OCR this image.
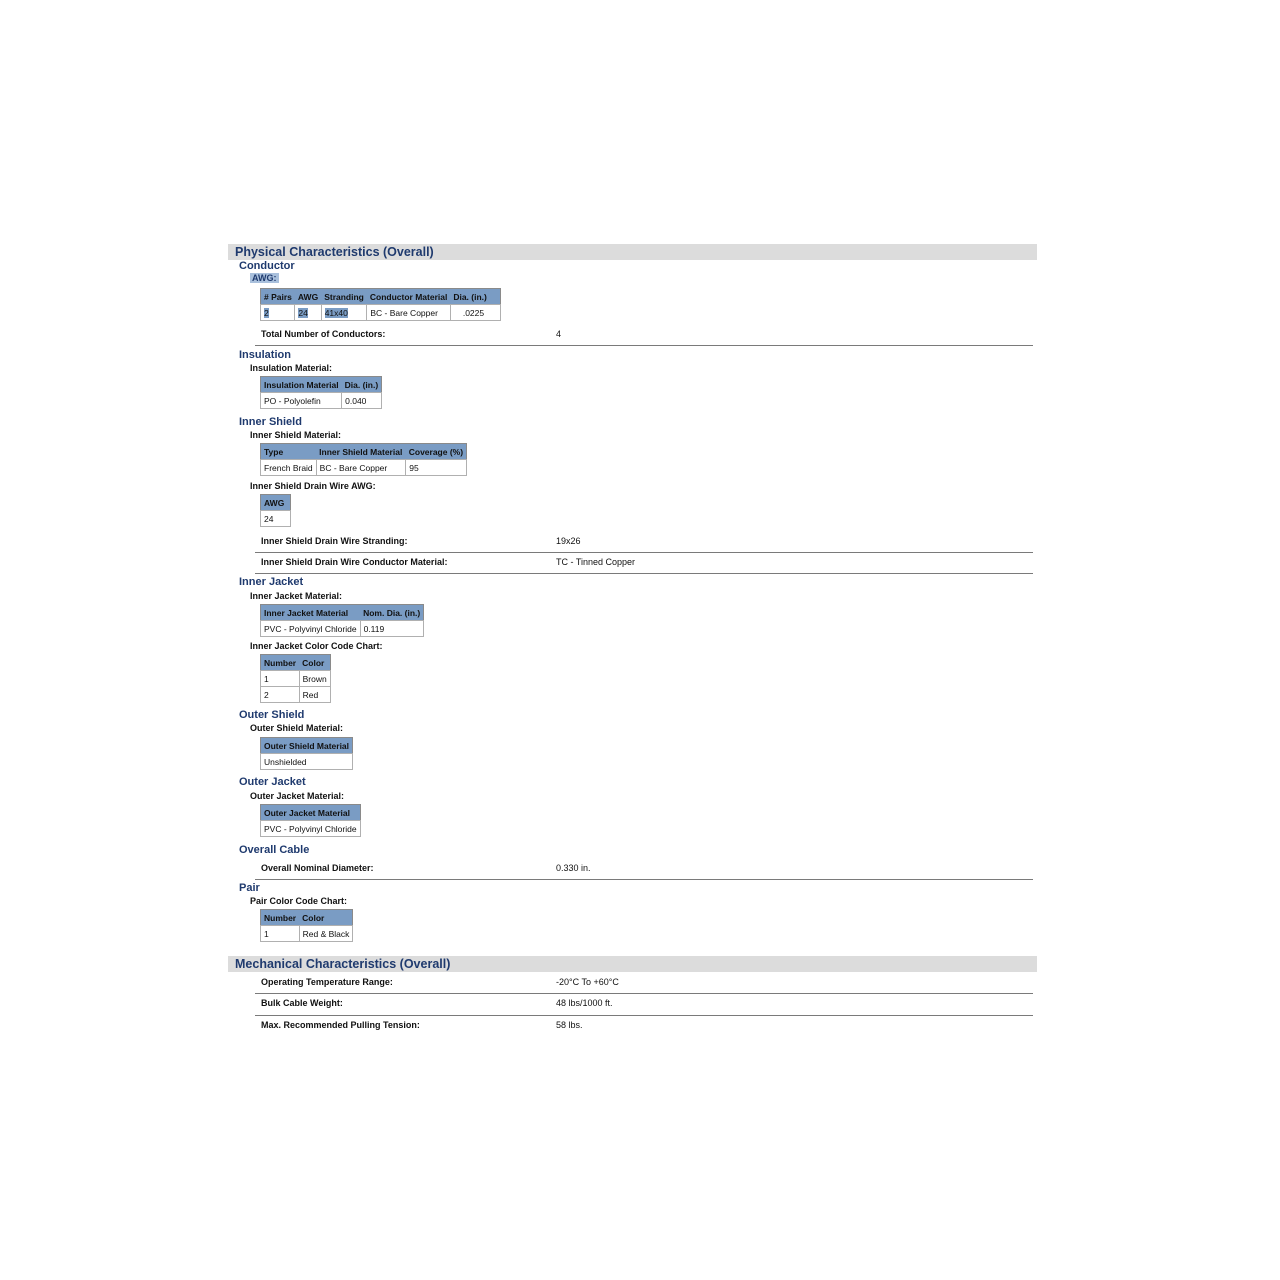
Physical Characteristics (Overall)
Conductor
AWG:
# Pairs	AWG	Stranding	Conductor Material	Dia. (in.)
2	24	41x40	BC - Bare Copper	.0225
Total Number of Conductors:	4
Insulation
Insulation Material:
Insulation Material	Dia. (in.)
PO - Polyolefin	0.040
Inner Shield
Inner Shield Material:
Type	Inner Shield Material	Coverage (%)
French Braid	BC - Bare Copper	95
Inner Shield Drain Wire AWG:
AWG
24
Inner Shield Drain Wire Stranding:	19x26
Inner Shield Drain Wire Conductor Material:	TC - Tinned Copper
Inner Jacket
Inner Jacket Material:
Inner Jacket Material	Nom. Dia. (in.)
PVC - Polyvinyl Chloride	0.119
Inner Jacket Color Code Chart:
Number	Color
1	Brown
2	Red
Outer Shield
Outer Shield Material:
Outer Shield Material
Unshielded
Outer Jacket
Outer Jacket Material:
Outer Jacket Material
PVC - Polyvinyl Chloride
Overall Cable
Overall Nominal Diameter:	0.330 in.
Pair
Pair Color Code Chart:
Number	Color
1	Red & Black
Mechanical Characteristics (Overall)
Operating Temperature Range:	-20°C To +60°C
Bulk Cable Weight:	48 lbs/1000 ft.
Max. Recommended Pulling Tension:	58 lbs.
